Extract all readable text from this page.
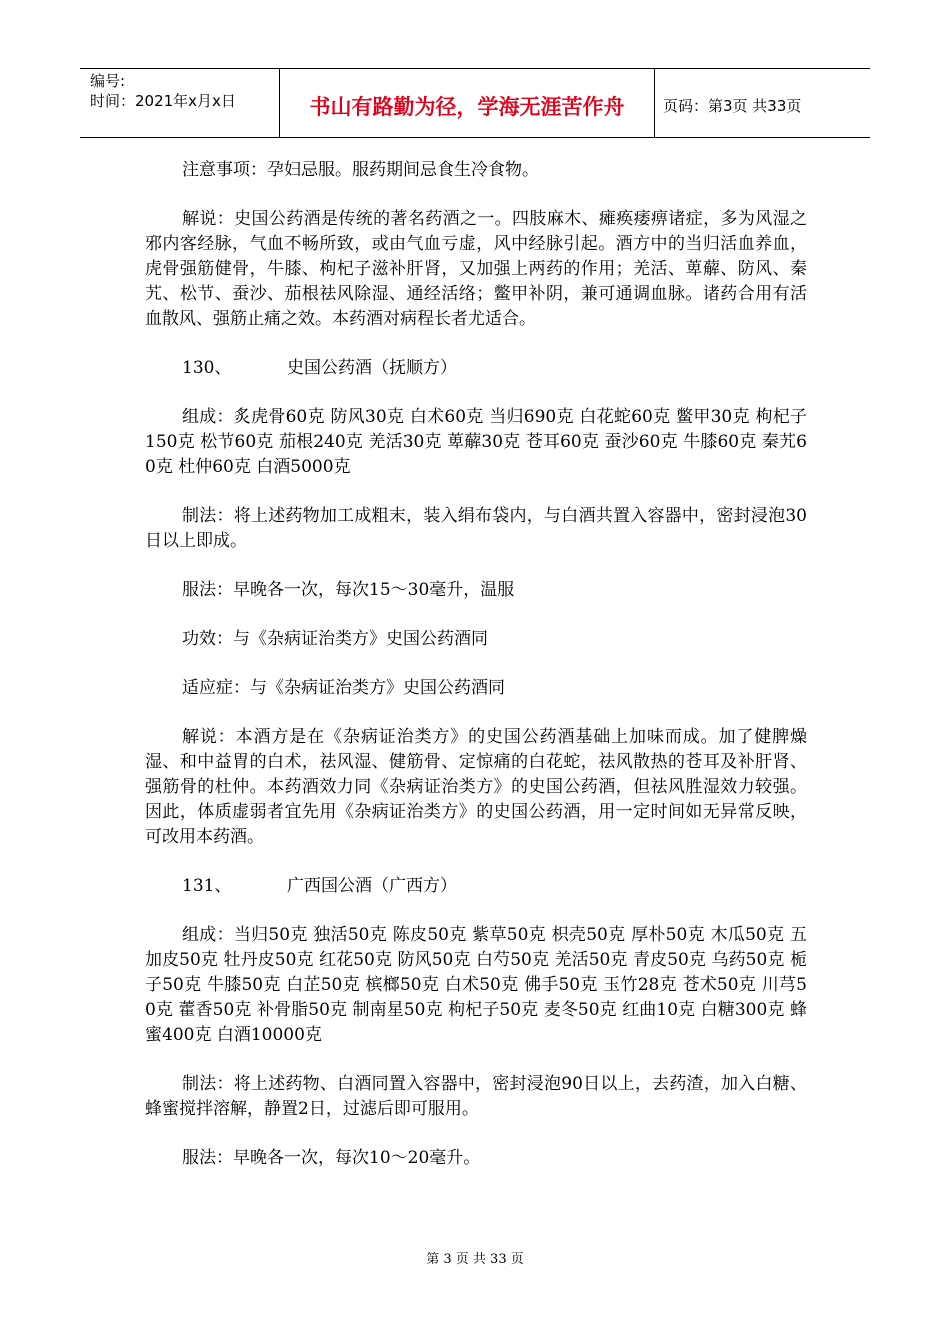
编号:
时间：2021年x月x日	书山有路勤为径，学海无涯苦作舟	页码：第3页 共33页

注意事项：孕妇忌服。服药期间忌食生冷食物。

解说：史国公药酒是传统的著名药酒之一。四肢麻木、瘫痪痿痹诸症，多为风湿之邪内客经脉，气血不畅所致，或由气血亏虚，风中经脉引起。酒方中的当归活血养血，虎骨强筋健骨，牛膝、枸杞子滋补肝肾，又加强上两药的作用；羌活、萆薢、防风、秦艽、松节、蚕沙、茄根祛风除湿、通经活络；鳖甲补阴，兼可通调血脉。诸药合用有活血散风、强筋止痛之效。本药酒对病程长者尤适合。

130、	史国公药酒（抚顺方）

组成：炙虎骨60克 防风30克 白术60克 当归690克 白花蛇60克 鳖甲30克 枸杞子150克 松节60克 茄根240克 羌活30克 萆薢30克 苍耳60克 蚕沙60克 牛膝60克 秦艽60克 杜仲60克 白酒5000克

制法：将上述药物加工成粗末，装入绢布袋内，与白酒共置入容器中，密封浸泡30日以上即成。

服法：早晚各一次，每次15～30毫升，温服

功效：与《杂病证治类方》史国公药酒同

适应症：与《杂病证治类方》史国公药酒同

解说：本酒方是在《杂病证治类方》的史国公药酒基础上加味而成。加了健脾燥湿、和中益胃的白术，祛风湿、健筋骨、定惊痛的白花蛇，祛风散热的苍耳及补肝肾、强筋骨的杜仲。本药酒效力同《杂病证治类方》的史国公药酒，但祛风胜湿效力较强。因此，体质虚弱者宜先用《杂病证治类方》的史国公药酒，用一定时间如无异常反映，可改用本药酒。

131、	广西国公酒（广西方）

组成：当归50克 独活50克 陈皮50克 紫草50克 枳壳50克 厚朴50克 木瓜50克 五加皮50克 牡丹皮50克 红花50克 防风50克 白芍50克 羌活50克 青皮50克 乌药50克 栀子50克 牛膝50克 白芷50克 槟榔50克 白术50克 佛手50克 玉竹28克 苍术50克 川芎50克 藿香50克 补骨脂50克 制南星50克 枸杞子50克 麦冬50克 红曲10克 白糖300克 蜂蜜400克 白酒10000克

制法：将上述药物、白酒同置入容器中，密封浸泡90日以上，去药渣，加入白糖、蜂蜜搅拌溶解，静置2日，过滤后即可服用。

服法：早晚各一次，每次10～20毫升。

第 3 页 共 33 页
